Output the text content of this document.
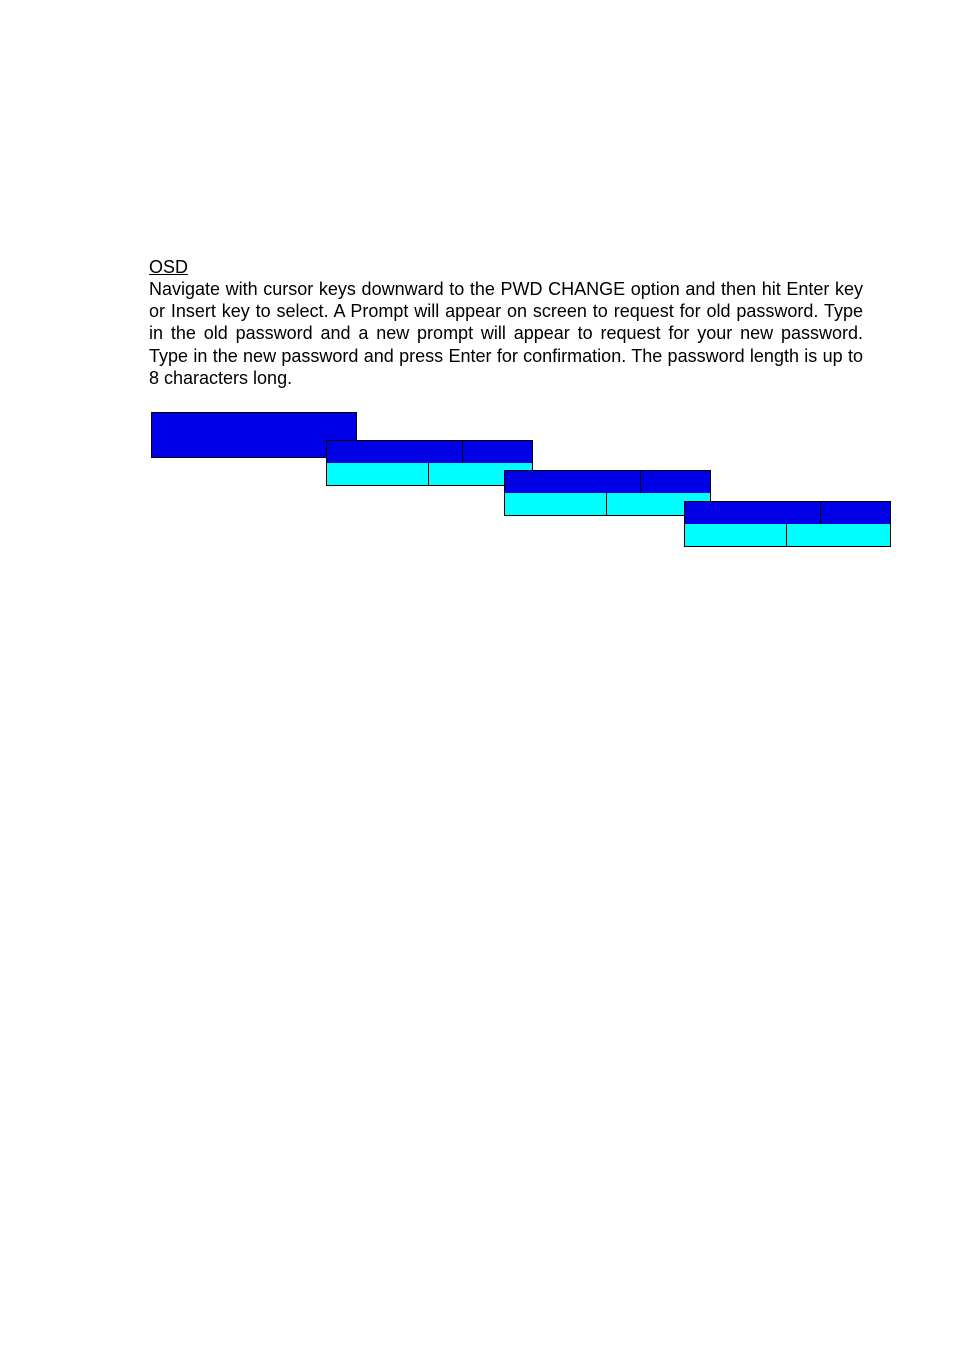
OSD

Navigate with cursor keys downward to the PWD CHANGE option and then hit Enter key or Insert key to select. A Prompt will appear on screen to request for old password. Type in the old password and a new prompt will appear to request for your new password. Type in the new password and press Enter for confirmation. The password length is up to 8 characters long.
